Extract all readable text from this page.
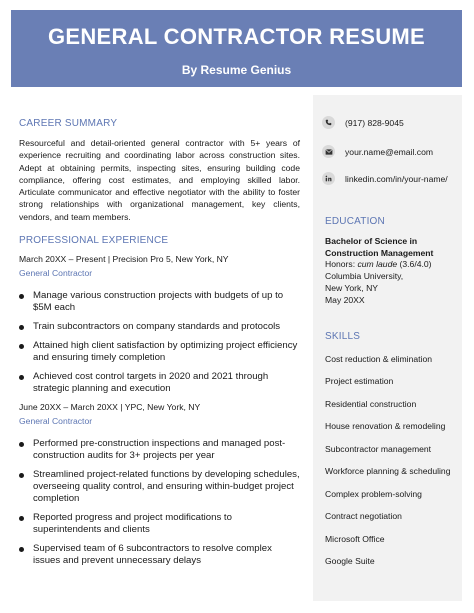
GENERAL CONTRACTOR RESUME
By Resume Genius
CAREER SUMMARY
Resourceful and detail-oriented general contractor with 5+ years of experience recruiting and coordinating labor across construction sites. Adept at obtaining permits, inspecting sites, ensuring building code compliance, offering cost estimates, and employing skilled labor. Articulate communicator and effective negotiator with the ability to foster strong relationships with organizational management, key clients, vendors, and team members.
PROFESSIONAL EXPERIENCE
March 20XX – Present | Precision Pro 5, New York, NY
General Contractor
Manage various construction projects with budgets of up to $5M each
Train subcontractors on company standards and protocols
Attained high client satisfaction by optimizing project efficiency and ensuring timely completion
Achieved cost control targets in 2020 and 2021 through strategic planning and execution
June 20XX – March 20XX | YPC, New York, NY
General Contractor
Performed pre-construction inspections and managed post-construction audits for 3+ projects per year
Streamlined project-related functions by developing schedules, overseeing quality control, and ensuring within-budget project completion
Reported progress and project modifications to superintendents and clients
Supervised team of 6 subcontractors to resolve complex issues and prevent unnecessary delays
(917) 828-9045
your.name@email.com
linkedin.com/in/your-name/
EDUCATION
Bachelor of Science in Construction Management
Honors: cum laude (3.6/4.0)
Columbia University,
New York, NY
May 20XX
SKILLS
Cost reduction & elimination
Project estimation
Residential construction
House renovation & remodeling
Subcontractor management
Workforce planning & scheduling
Complex problem-solving
Contract negotiation
Microsoft Office
Google Suite
